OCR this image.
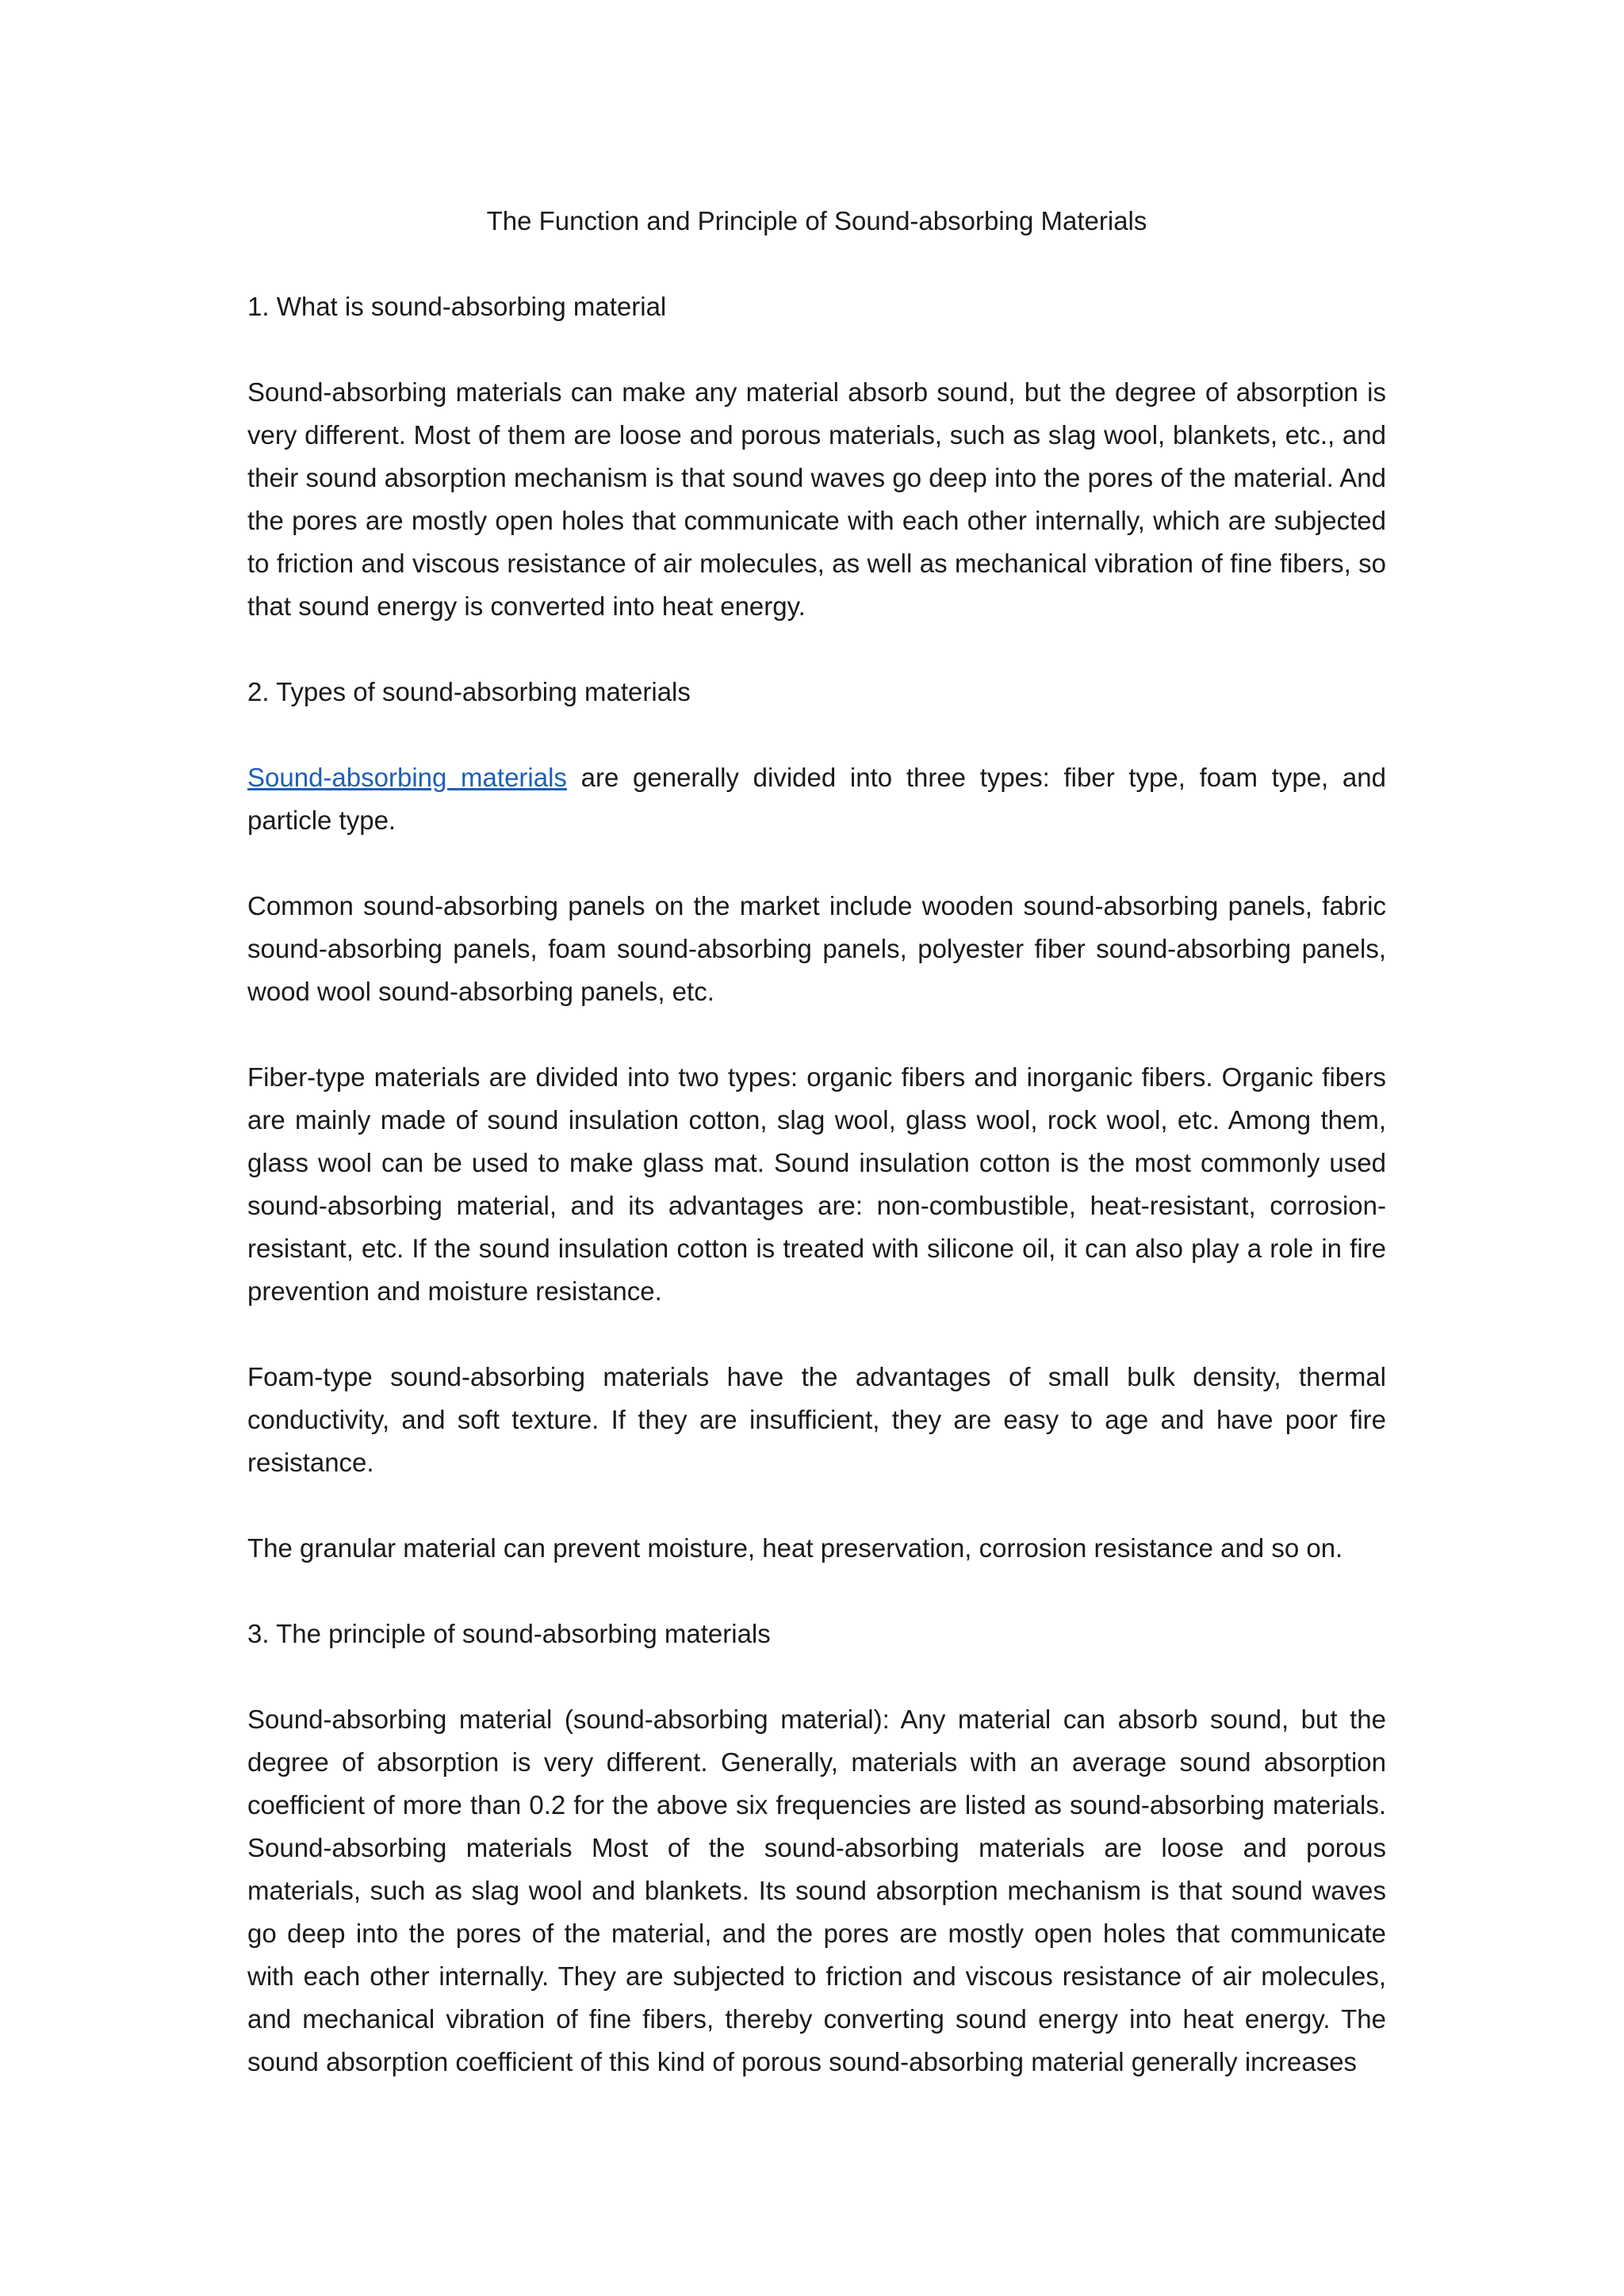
The Function and Principle of Sound-absorbing Materials
1. What is sound-absorbing material
Sound-absorbing materials can make any material absorb sound, but the degree of absorption is very different. Most of them are loose and porous materials, such as slag wool, blankets, etc., and their sound absorption mechanism is that sound waves go deep into the pores of the material. And the pores are mostly open holes that communicate with each other internally, which are subjected to friction and viscous resistance of air molecules, as well as mechanical vibration of fine fibers, so that sound energy is converted into heat energy.
2. Types of sound-absorbing materials
Sound-absorbing materials are generally divided into three types: fiber type, foam type, and particle type.
Common sound-absorbing panels on the market include wooden sound-absorbing panels, fabric sound-absorbing panels, foam sound-absorbing panels, polyester fiber sound-absorbing panels, wood wool sound-absorbing panels, etc.
Fiber-type materials are divided into two types: organic fibers and inorganic fibers. Organic fibers are mainly made of sound insulation cotton, slag wool, glass wool, rock wool, etc. Among them, glass wool can be used to make glass mat. Sound insulation cotton is the most commonly used sound-absorbing material, and its advantages are: non-combustible, heat-resistant, corrosion-resistant, etc. If the sound insulation cotton is treated with silicone oil, it can also play a role in fire prevention and moisture resistance.
Foam-type sound-absorbing materials have the advantages of small bulk density, thermal conductivity, and soft texture. If they are insufficient, they are easy to age and have poor fire resistance.
The granular material can prevent moisture, heat preservation, corrosion resistance and so on.
3. The principle of sound-absorbing materials
Sound-absorbing material (sound-absorbing material): Any material can absorb sound, but the degree of absorption is very different. Generally, materials with an average sound absorption coefficient of more than 0.2 for the above six frequencies are listed as sound-absorbing materials. Sound-absorbing materials Most of the sound-absorbing materials are loose and porous materials, such as slag wool and blankets. Its sound absorption mechanism is that sound waves go deep into the pores of the material, and the pores are mostly open holes that communicate with each other internally. They are subjected to friction and viscous resistance of air molecules, and mechanical vibration of fine fibers, thereby converting sound energy into heat energy. The sound absorption coefficient of this kind of porous sound-absorbing material generally increases
